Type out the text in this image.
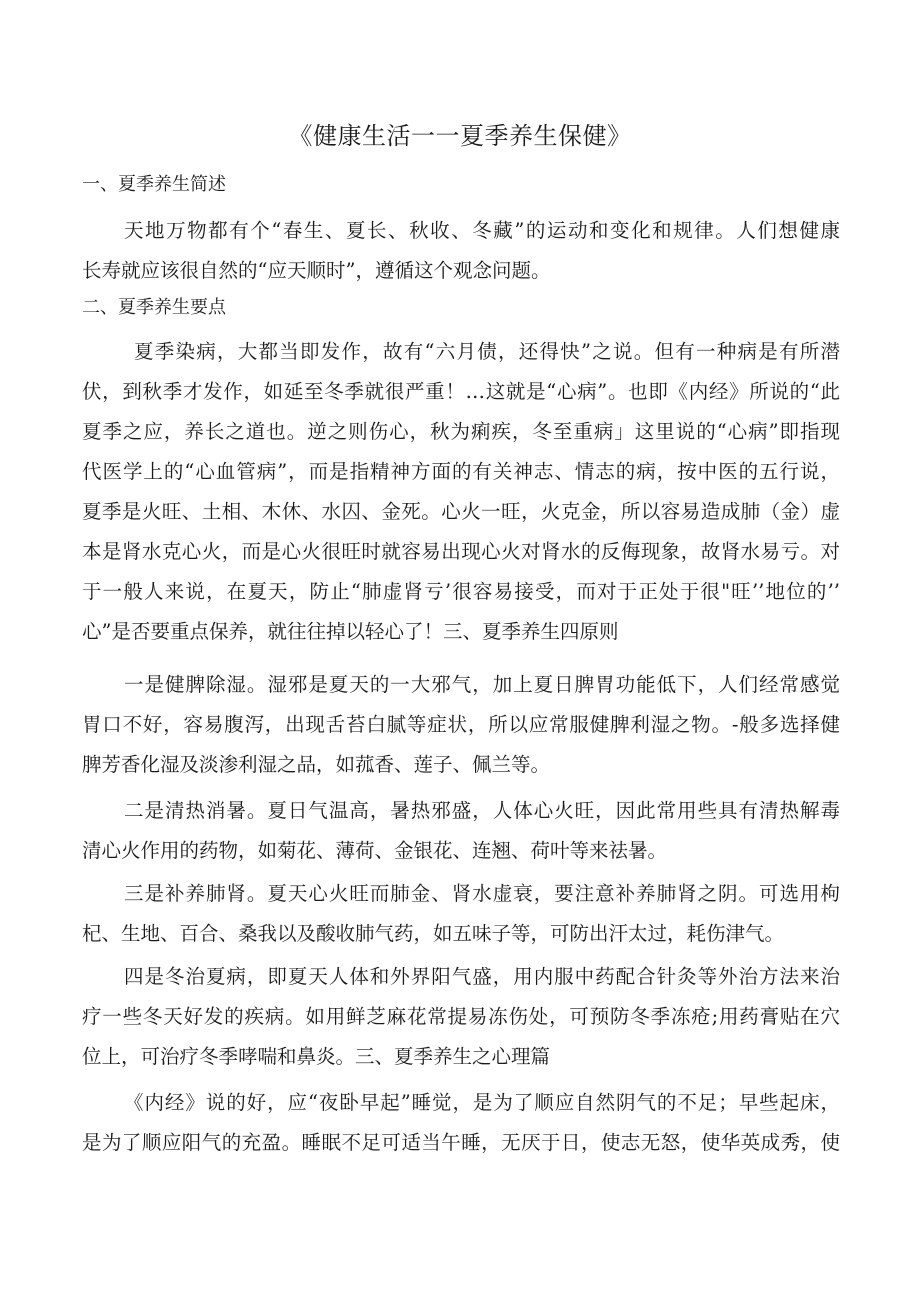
《健康生活一一夏季养生保健》
一、夏季养生简述
天地万物都有个“春生、夏长、秋收、冬藏”的运动和变化和规律。人们想健康
长寿就应该很自然的“应天顺时”，遵循这个观念问题。
二、夏季养生要点
夏季染病，大都当即发作，故有“六月债，还得快”之说。但有一种病是有所潜
伏，到秋季才发作，如延至冬季就很严重！…这就是“心病”。也即《内经》所说的“此
夏季之应，养长之道也。逆之则伤心，秋为痢疾，冬至重病」这里说的“心病”即指现
代医学上的“心血管病”，而是指精神方面的有关神志、情志的病，按中医的五行说，
夏季是火旺、土相、木休、水囚、金死。心火一旺，火克金，所以容易造成肺（金）虚
本是肾水克心火，而是心火很旺时就容易出现心火对肾水的反侮现象，故肾水易亏。对
于一般人来说，在夏天，防止“肺虚肾亏’很容易接受，而对于正处于很"旺’’地位的’’
心”是否要重点保养，就往往掉以轻心了！三、夏季养生四原则
一是健脾除湿。湿邪是夏天的一大邪气，加上夏日脾胃功能低下，人们经常感觉
胃口不好，容易腹泻，出现舌苔白腻等症状，所以应常服健脾利湿之物。-般多选择健
脾芳香化湿及淡渗利湿之品，如菰香、莲子、佩兰等。
二是清热消暑。夏日气温高，暑热邪盛，人体心火旺，因此常用些具有清热解毒
清心火作用的药物，如菊花、薄荷、金银花、连翘、荷叶等来祛暑。
三是补养肺肾。夏天心火旺而肺金、肾水虚衰，要注意补养肺肾之阴。可选用枸
杞、生地、百合、桑我以及酸收肺气药，如五味子等，可防出汗太过，耗伤津气。
四是冬治夏病，即夏天人体和外界阳气盛，用内服中药配合针灸等外治方法来治
疗一些冬天好发的疾病。如用鲜芝麻花常提易冻伤处，可预防冬季冻疮;用药膏贴在穴
位上，可治疗冬季哮喘和鼻炎。三、夏季养生之心理篇
《内经》说的好，应“夜卧早起”睡觉，是为了顺应自然阴气的不足；早些起床，
是为了顺应阳气的充盈。睡眠不足可适当午睡，无厌于日，使志无怒，使华英成秀，使
